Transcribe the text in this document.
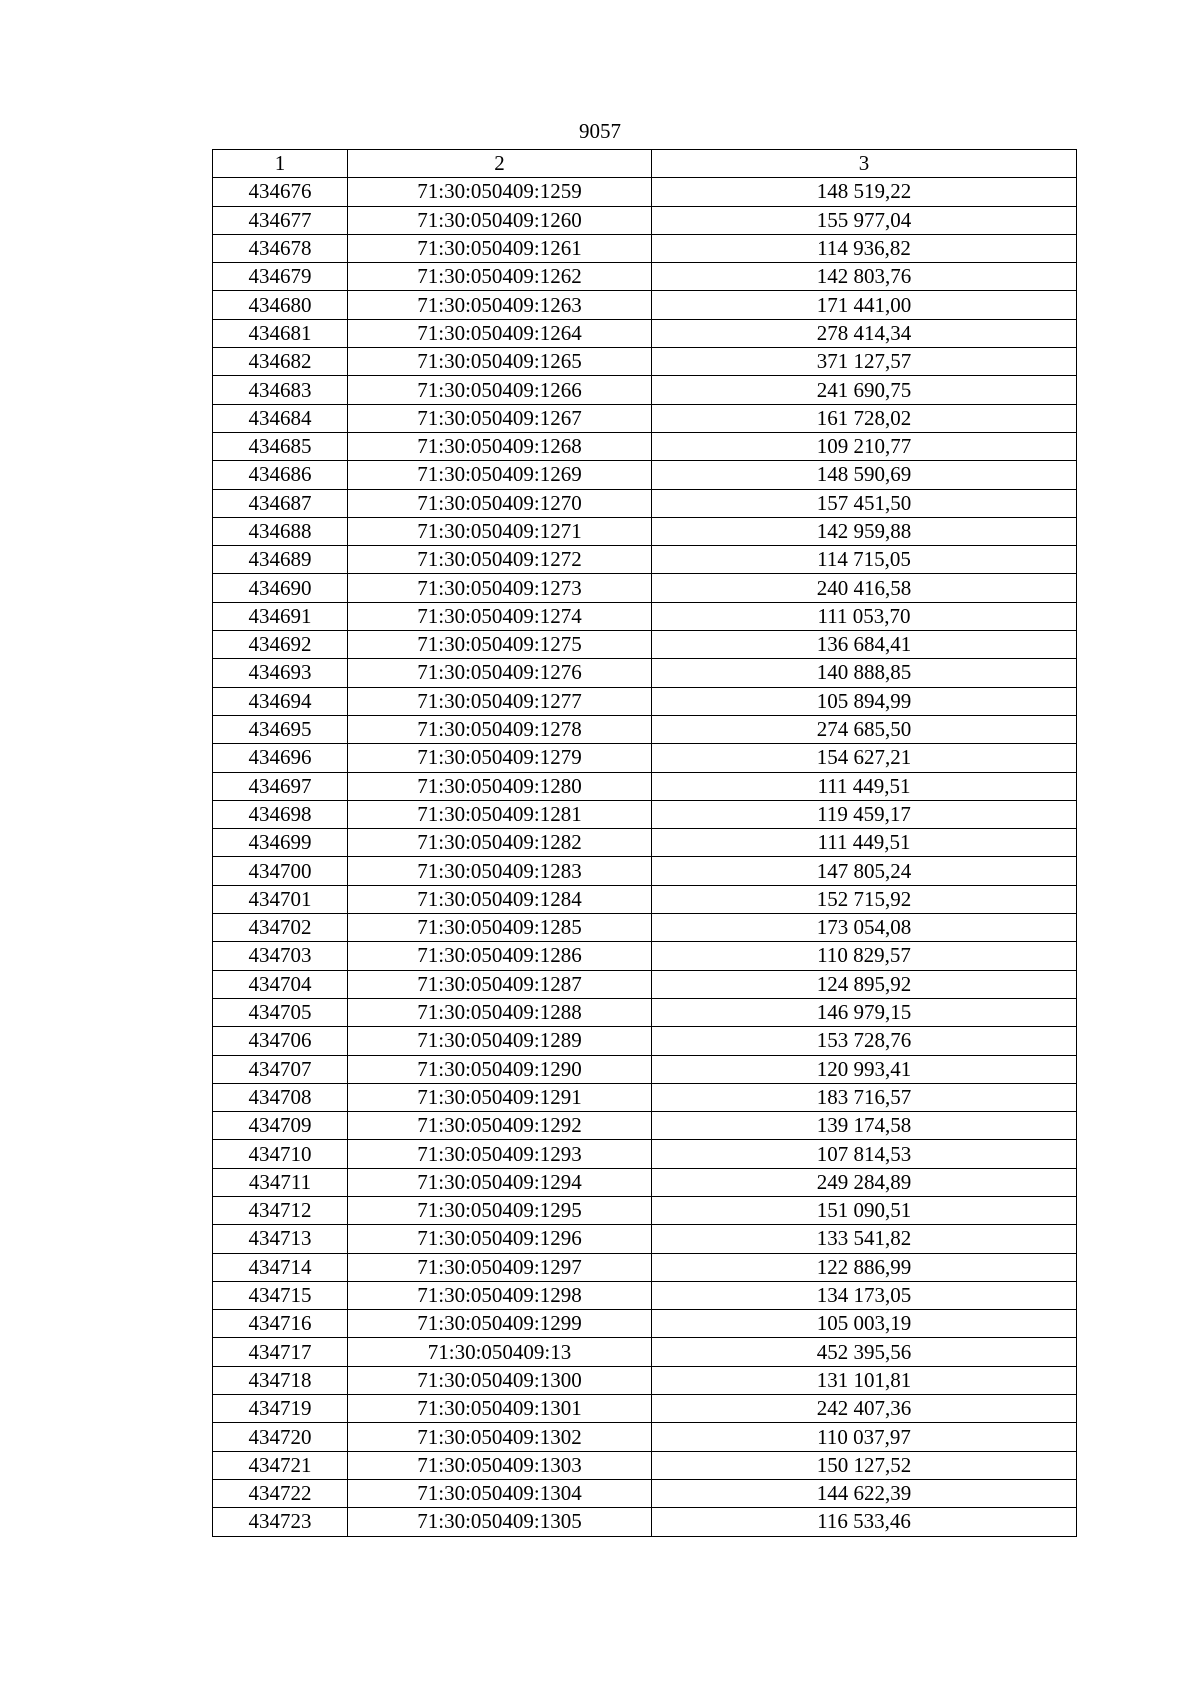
9057
1	2	3
434676	71:30:050409:1259	148 519,22
434677	71:30:050409:1260	155 977,04
434678	71:30:050409:1261	114 936,82
434679	71:30:050409:1262	142 803,76
434680	71:30:050409:1263	171 441,00
434681	71:30:050409:1264	278 414,34
434682	71:30:050409:1265	371 127,57
434683	71:30:050409:1266	241 690,75
434684	71:30:050409:1267	161 728,02
434685	71:30:050409:1268	109 210,77
434686	71:30:050409:1269	148 590,69
434687	71:30:050409:1270	157 451,50
434688	71:30:050409:1271	142 959,88
434689	71:30:050409:1272	114 715,05
434690	71:30:050409:1273	240 416,58
434691	71:30:050409:1274	111 053,70
434692	71:30:050409:1275	136 684,41
434693	71:30:050409:1276	140 888,85
434694	71:30:050409:1277	105 894,99
434695	71:30:050409:1278	274 685,50
434696	71:30:050409:1279	154 627,21
434697	71:30:050409:1280	111 449,51
434698	71:30:050409:1281	119 459,17
434699	71:30:050409:1282	111 449,51
434700	71:30:050409:1283	147 805,24
434701	71:30:050409:1284	152 715,92
434702	71:30:050409:1285	173 054,08
434703	71:30:050409:1286	110 829,57
434704	71:30:050409:1287	124 895,92
434705	71:30:050409:1288	146 979,15
434706	71:30:050409:1289	153 728,76
434707	71:30:050409:1290	120 993,41
434708	71:30:050409:1291	183 716,57
434709	71:30:050409:1292	139 174,58
434710	71:30:050409:1293	107 814,53
434711	71:30:050409:1294	249 284,89
434712	71:30:050409:1295	151 090,51
434713	71:30:050409:1296	133 541,82
434714	71:30:050409:1297	122 886,99
434715	71:30:050409:1298	134 173,05
434716	71:30:050409:1299	105 003,19
434717	71:30:050409:13	452 395,56
434718	71:30:050409:1300	131 101,81
434719	71:30:050409:1301	242 407,36
434720	71:30:050409:1302	110 037,97
434721	71:30:050409:1303	150 127,52
434722	71:30:050409:1304	144 622,39
434723	71:30:050409:1305	116 533,46
